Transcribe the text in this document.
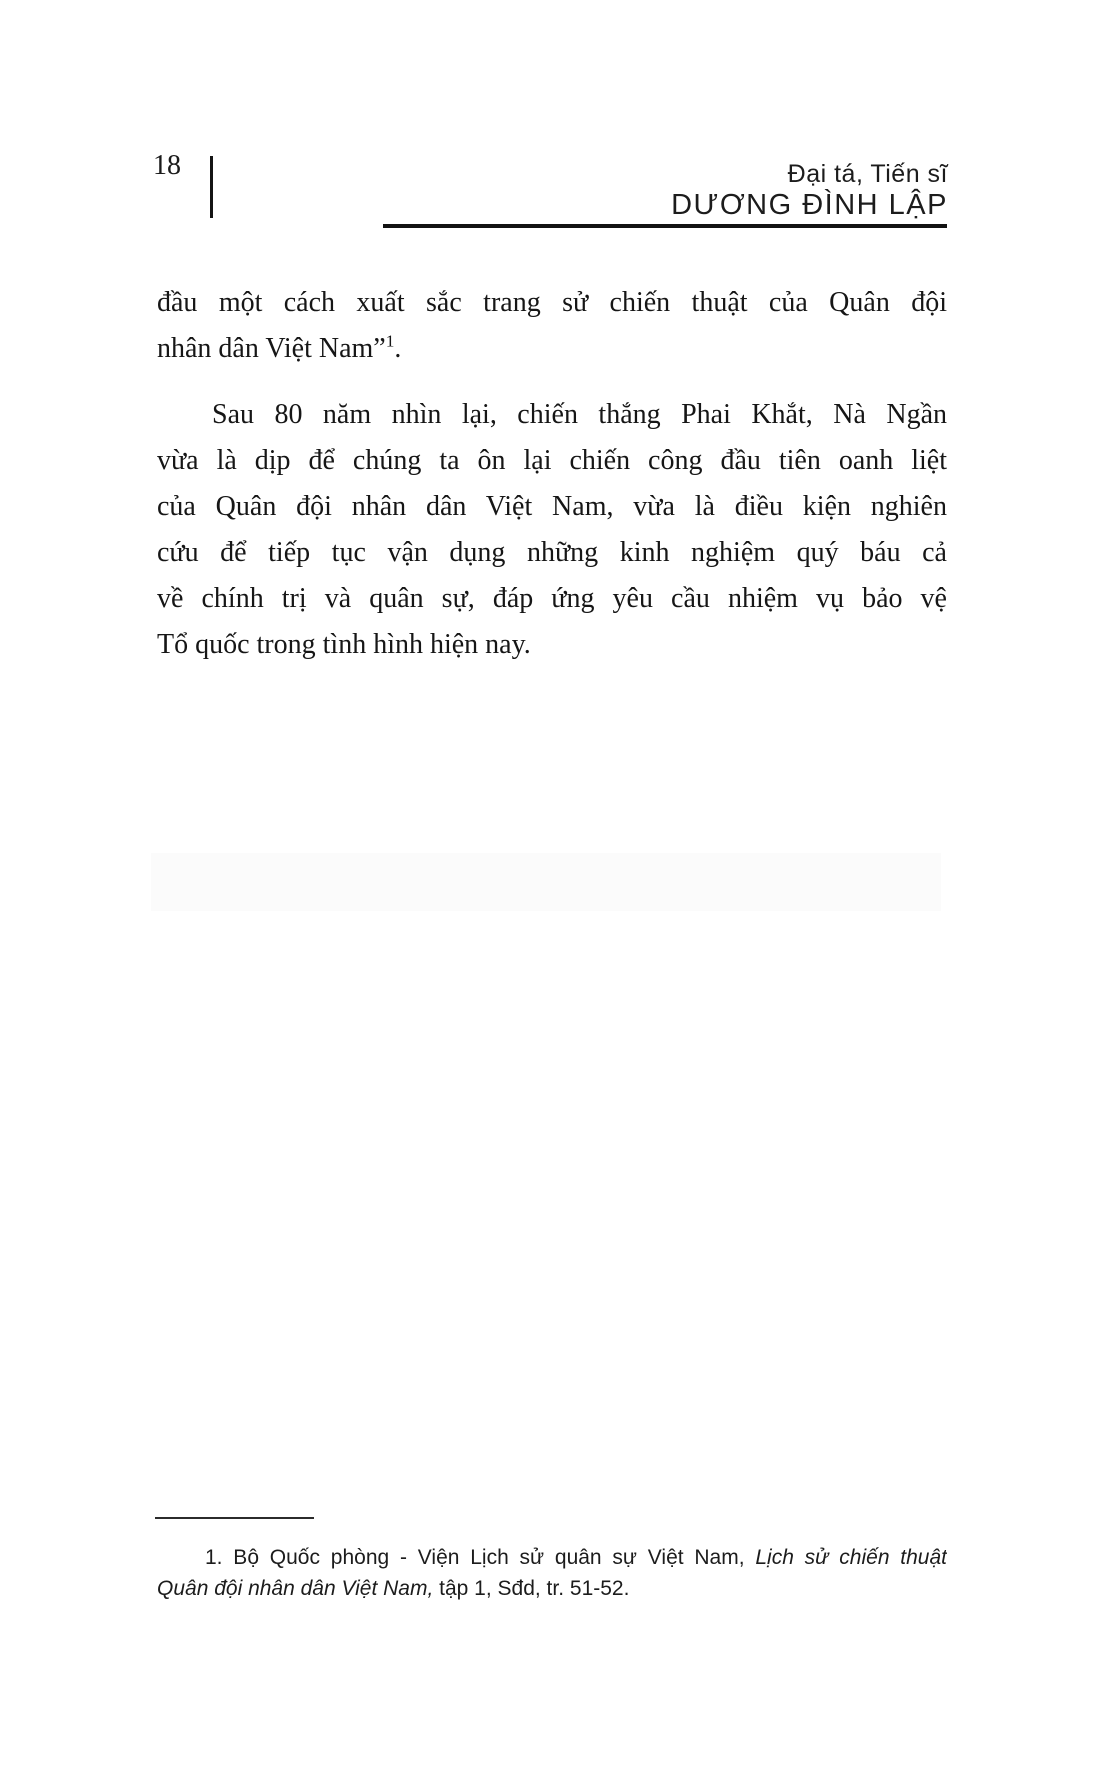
18	Đại tá, Tiến sĩ
DƯƠNG ĐÌNH LẬP
đầu một cách xuất sắc trang sử chiến thuật của Quân đội
nhân dân Việt Nam”$^1$.
Sau 80 năm nhìn lại, chiến thắng Phai Khắt, Nà Ngần
vừa là dịp để chúng ta ôn lại chiến công đầu tiên oanh liệt
của Quân đội nhân dân Việt Nam, vừa là điều kiện nghiên
cứu để tiếp tục vận dụng những kinh nghiệm quý báu cả
về chính trị và quân sự, đáp ứng yêu cầu nhiệm vụ bảo vệ
Tổ quốc trong tình hình hiện nay.
1. Bộ Quốc phòng - Viện Lịch sử quân sự Việt Nam, Lịch sử chiến thuật
Quân đội nhân dân Việt Nam, tập 1, Sđd, tr. 51-52.
